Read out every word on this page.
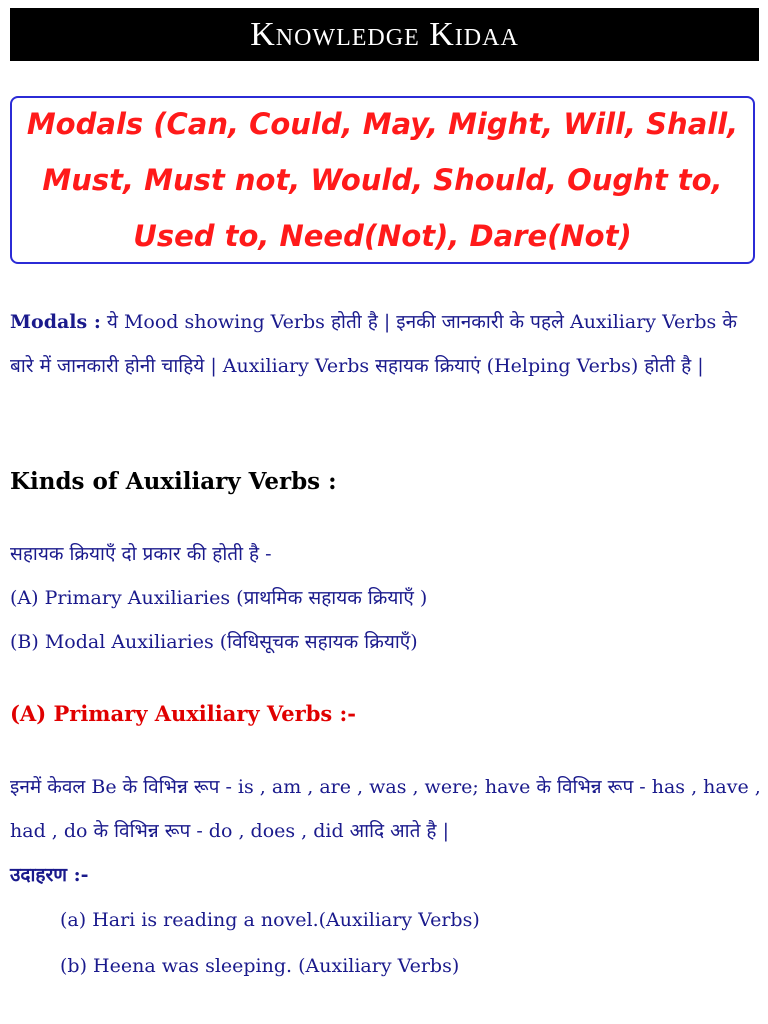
Knowledge Kidaa

Modals (Can, Could, May, Might, Will, Shall, Must, Must not, Would, Should, Ought to, Used to, Need(Not), Dare(Not)

Modals : ये Mood showing Verbs होती है | इनकी जानकारी के पहले Auxiliary Verbs के बारे में जानकारी होनी चाहिये | Auxiliary Verbs सहायक क्रियाएं (Helping Verbs) होती है |

Kinds of Auxiliary Verbs :
सहायक क्रियाएँ दो प्रकार की होती है -
(A) Primary Auxiliaries (प्राथमिक सहायक क्रियाएँ )
(B) Modal Auxiliaries (विधिसूचक सहायक क्रियाएँ)
(A) Primary Auxiliary Verbs :-

इनमें केवल Be के विभिन्न रूप - is , am , are , was , were; have के विभिन्न रूप - has , have , had , do के विभिन्न रूप - do , does , did आदि आते है |

उदाहरण :-
(a) Hari is reading a novel.(Auxiliary Verbs)
(b) Heena was sleeping. (Auxiliary Verbs)
